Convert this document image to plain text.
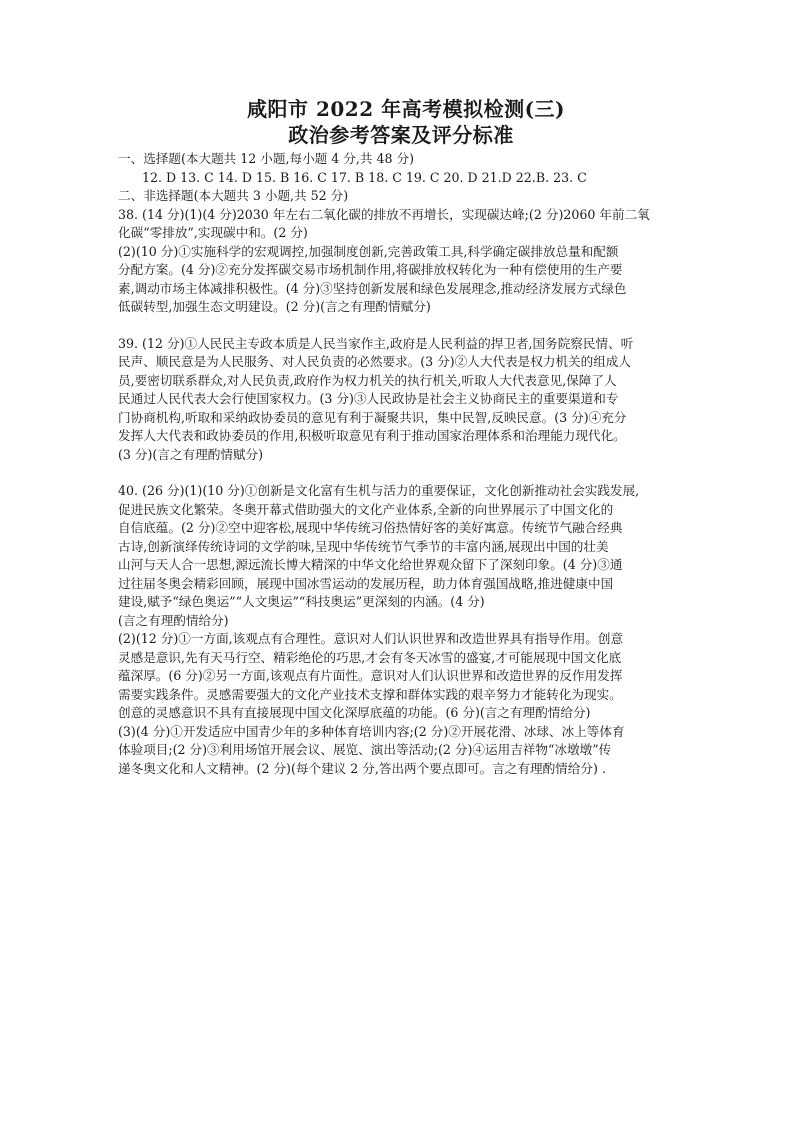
咸阳市 2022 年高考模拟检测(三)
政治参考答案及评分标准

一、选择题(本大题共 12 小题,每小题 4 分,共 48 分)

12. D 13. C 14. D 15. B 16. C 17. B 18. C 19. C 20. D 21.D 22.B. 23. C

二、非选择题(本大题共 3 小题,共 52 分)

38. (14 分)(1)(4 分)2030 年左右二氧化碳的排放不再增长，实现碳达峰;(2 分)2060 年前二氧

化碳“零排放”,实现碳中和。(2 分)

(2)(10 分)①实施科学的宏观调控,加强制度创新,完善政策工具,科学确定碳排放总量和配额

分配方案。(4 分)②充分发挥碳交易市场机制作用,将碳排放权转化为一种有偿使用的生产要

素,调动市场主体减排积极性。(4 分)③坚持创新发展和绿色发展理念,推动经济发展方式绿色

低碳转型,加强生态文明建设。(2 分)(言之有理酌情赋分)

39. (12 分)①人民民主专政本质是人民当家作主,政府是人民利益的捍卫者,国务院察民情、听

民声、顺民意是为人民服务、对人民负责的必然要求。(3 分)②人大代表是权力机关的组成人

员,要密切联系群众,对人民负责,政府作为权力机关的执行机关,听取人大代表意见,保障了人

民通过人民代表大会行使国家权力。(3 分)③人民政协是社会主义协商民主的重要渠道和专

门协商机构,听取和采纳政协委员的意见有利于凝聚共识，集中民智,反映民意。(3 分)④充分

发挥人大代表和政协委员的作用,积极听取意见有利于推动国家治理体系和治理能力现代化。

(3 分)(言之有理酌情赋分)

40. (26 分)(1)(10 分)①创新是文化富有生机与活力的重要保证，文化创新推动社会实践发展,

促进民族文化繁荣。冬奥开幕式借助强大的文化产业体系,全新的向世界展示了中国文化的

自信底蕴。(2 分)②空中迎客松,展现中华传统习俗热情好客的美好寓意。传统节气融合经典

古诗,创新演绎传统诗词的文学韵味,呈现中华传统节气季节的丰富内涵,展现出中国的壮美

山河与天人合一思想,源远流长博大精深的中华文化给世界观众留下了深刻印象。(4 分)③通

过往届冬奥会精彩回顾，展现中国冰雪运动的发展历程，助力体育强国战略,推进健康中国

建设,赋予“绿色奥运”“人文奥运”“科技奥运”更深刻的内涵。(4 分)

(言之有理酌情给分)

(2)(12 分)①一方面,该观点有合理性。意识对人们认识世界和改造世界具有指导作用。创意

灵感是意识,先有天马行空、精彩绝伦的巧思,才会有冬天冰雪的盛宴,才可能展现中国文化底

蕴深厚。(6 分)②另一方面,该观点有片面性。意识对人们认识世界和改造世界的反作用发挥

需要实践条件。灵感需要强大的文化产业技术支撑和群体实践的艰辛努力才能转化为现实。

创意的灵感意识不具有直接展现中国文化深厚底蕴的功能。(6 分)(言之有理酌情给分)

(3)(4 分)①开发适应中国青少年的多种体育培训内容;(2 分)②开展花滑、冰球、冰上等体育

体验项目;(2 分)③利用场馆开展会议、展览、演出等活动;(2 分)④运用吉祥物“冰墩墩”传

递冬奥文化和人文精神。(2 分)(每个建议 2 分,答出两个要点即可。言之有理酌情给分) .
